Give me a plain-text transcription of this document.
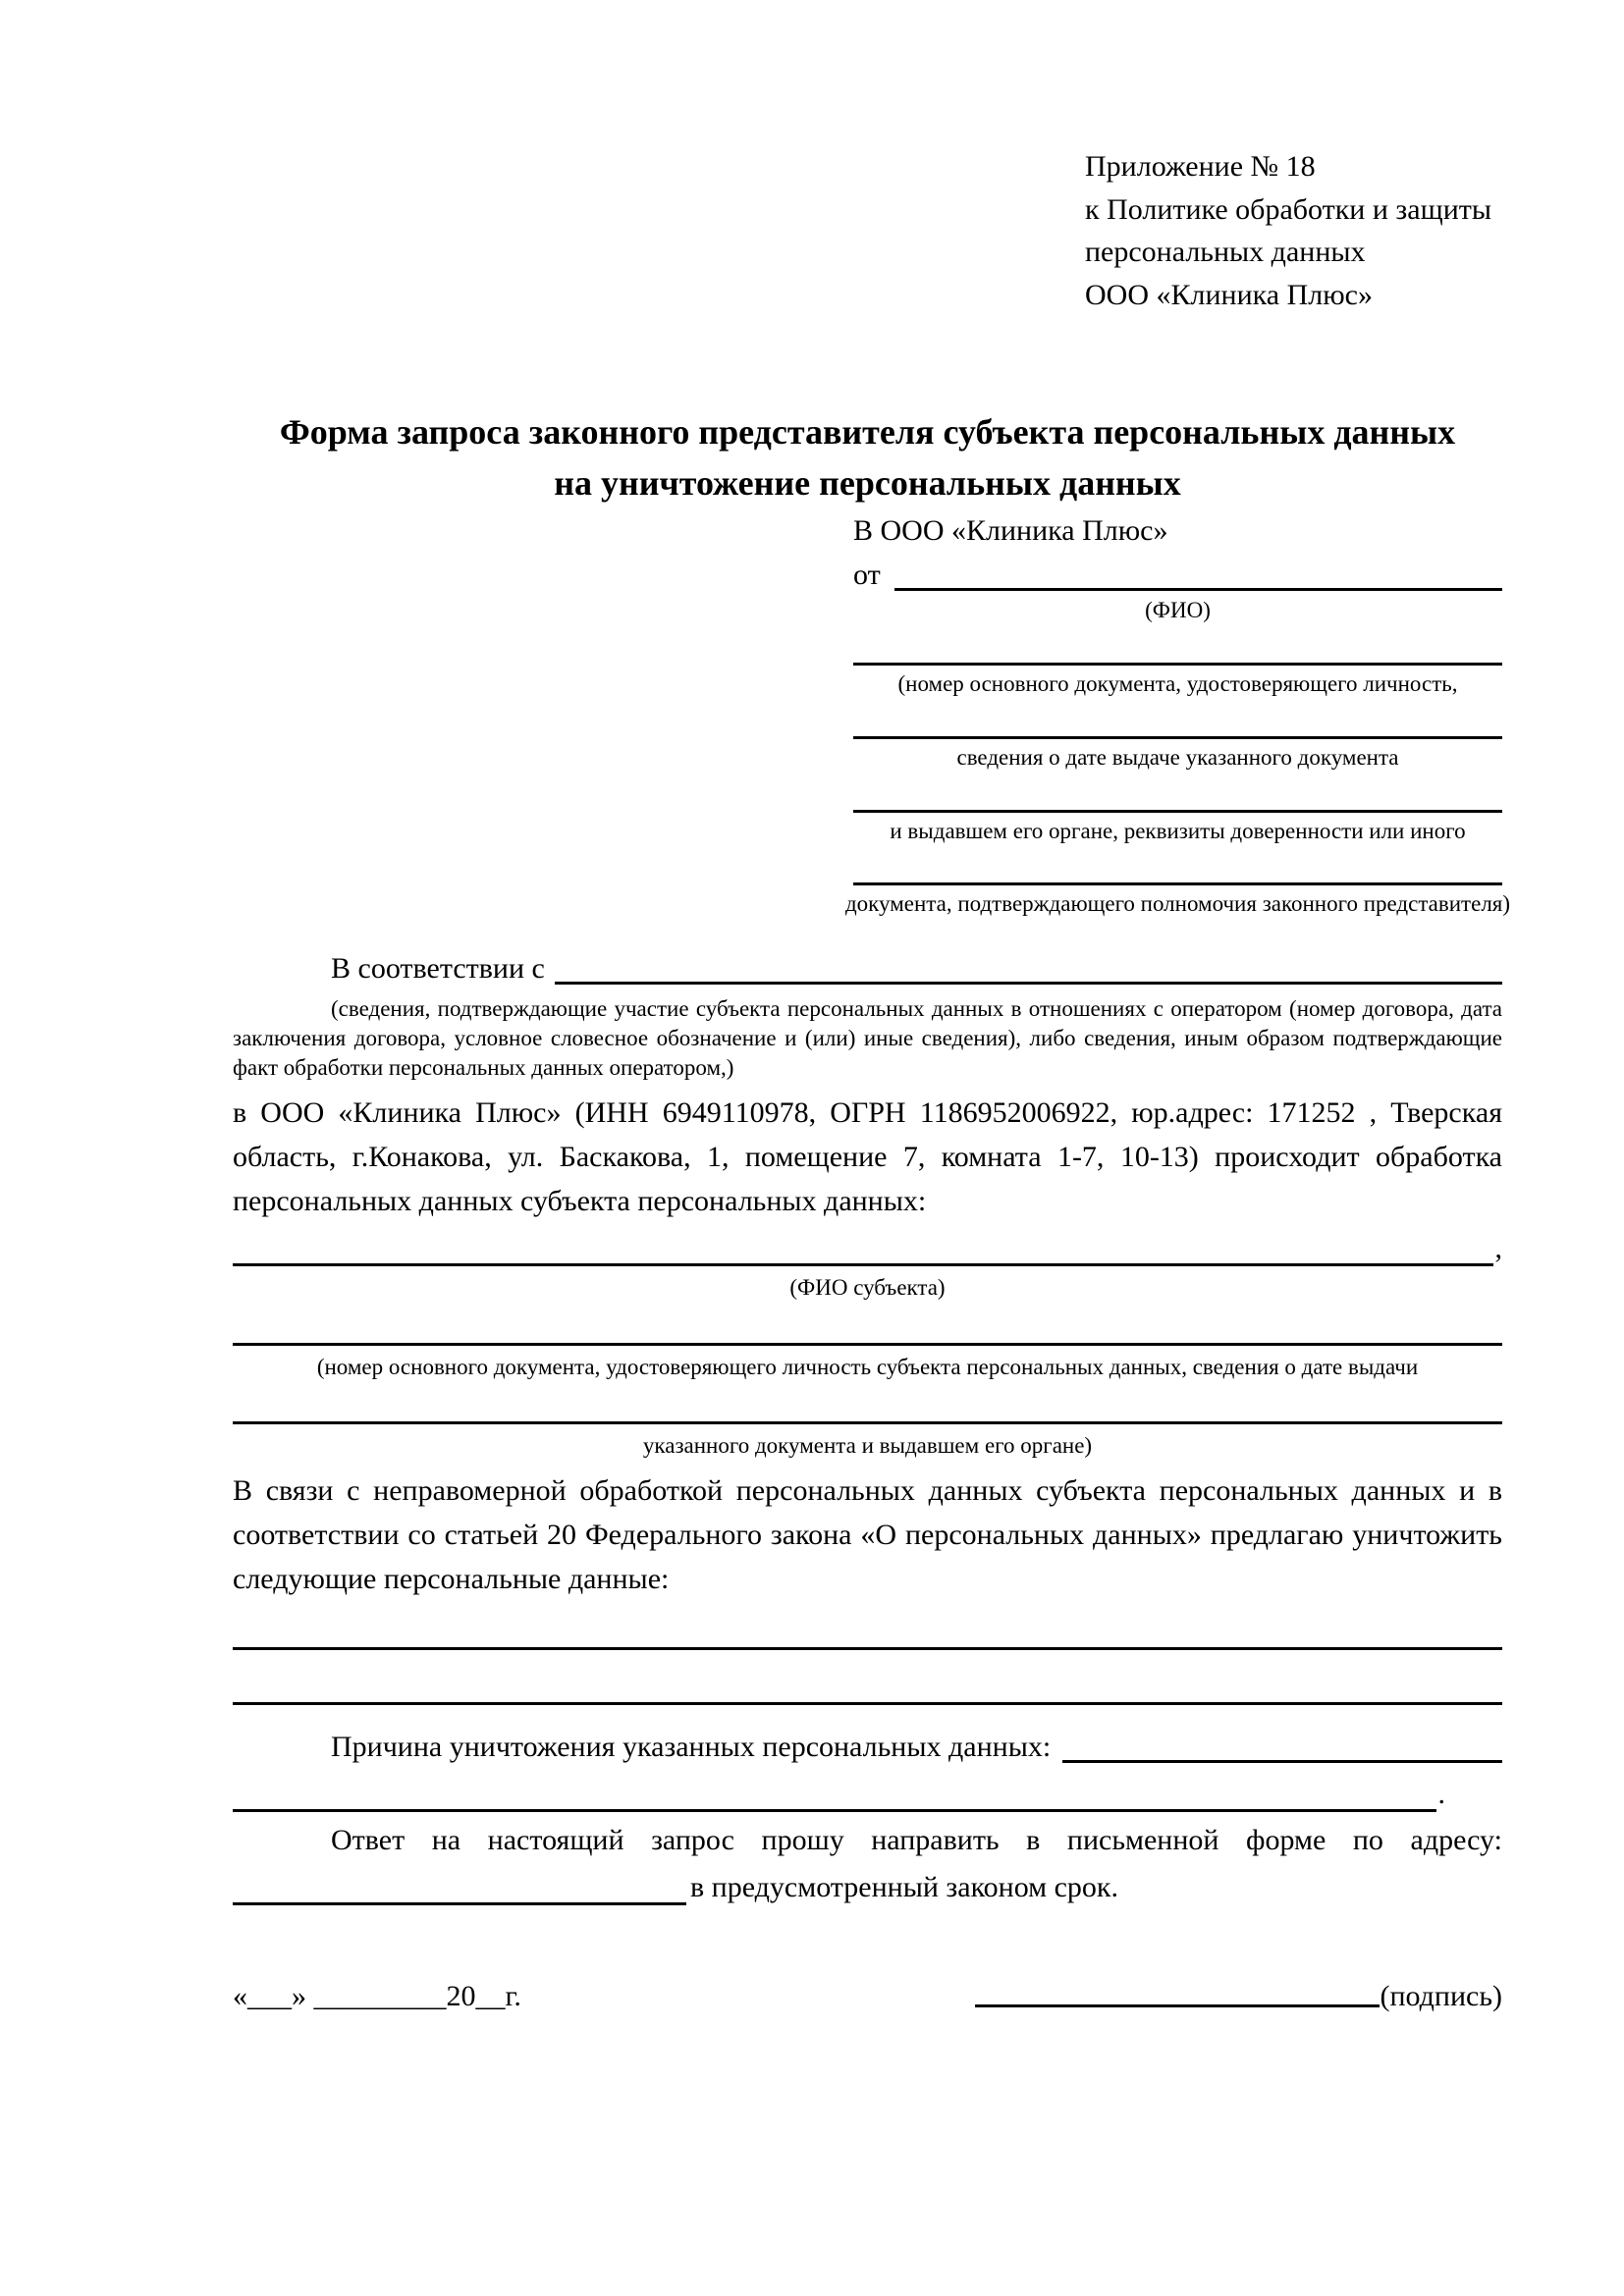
Приложение № 18
к Политике обработки и защиты
персональных данных
ООО «Клиника Плюс»
Форма запроса законного представителя субъекта персональных данных
на уничтожение персональных данных
В ООО «Клиника Плюс»
от
(ФИО)
(номер основного документа, удостоверяющего личность,
сведения о дате выдаче указанного документа
и выдавшем его органе, реквизиты доверенности или иного
документа, подтверждающего полномочия законного представителя)
В соответствии с
(сведения, подтверждающие участие субъекта персональных данных в отношениях с оператором (номер договора, дата заключения договора, условное словесное обозначение и (или) иные сведения), либо сведения, иным образом подтверждающие факт обработки персональных данных оператором,)
в ООО «Клиника Плюс» (ИНН 6949110978, ОГРН 1186952006922, юр.адрес: 171252 , Тверская область, г.Конакова, ул. Баскакова, 1, помещение 7, комната 1-7, 10-13) происходит обработка персональных данных субъекта персональных данных:
,
(ФИО субъекта)
(номер основного документа, удостоверяющего личность субъекта персональных данных, сведения о дате выдачи
указанного документа и выдавшем его органе)
В связи с неправомерной обработкой персональных данных субъекта персональных данных и в соответствии со статьей 20 Федерального закона «О персональных данных» предлагаю уничтожить следующие персональные данные:
Причина уничтожения указанных персональных данных:
.
Ответ на настоящий запрос прошу направить в письменной форме по адресу:
в предусмотренный законом срок.
«___» _________20__г.	(подпись)
